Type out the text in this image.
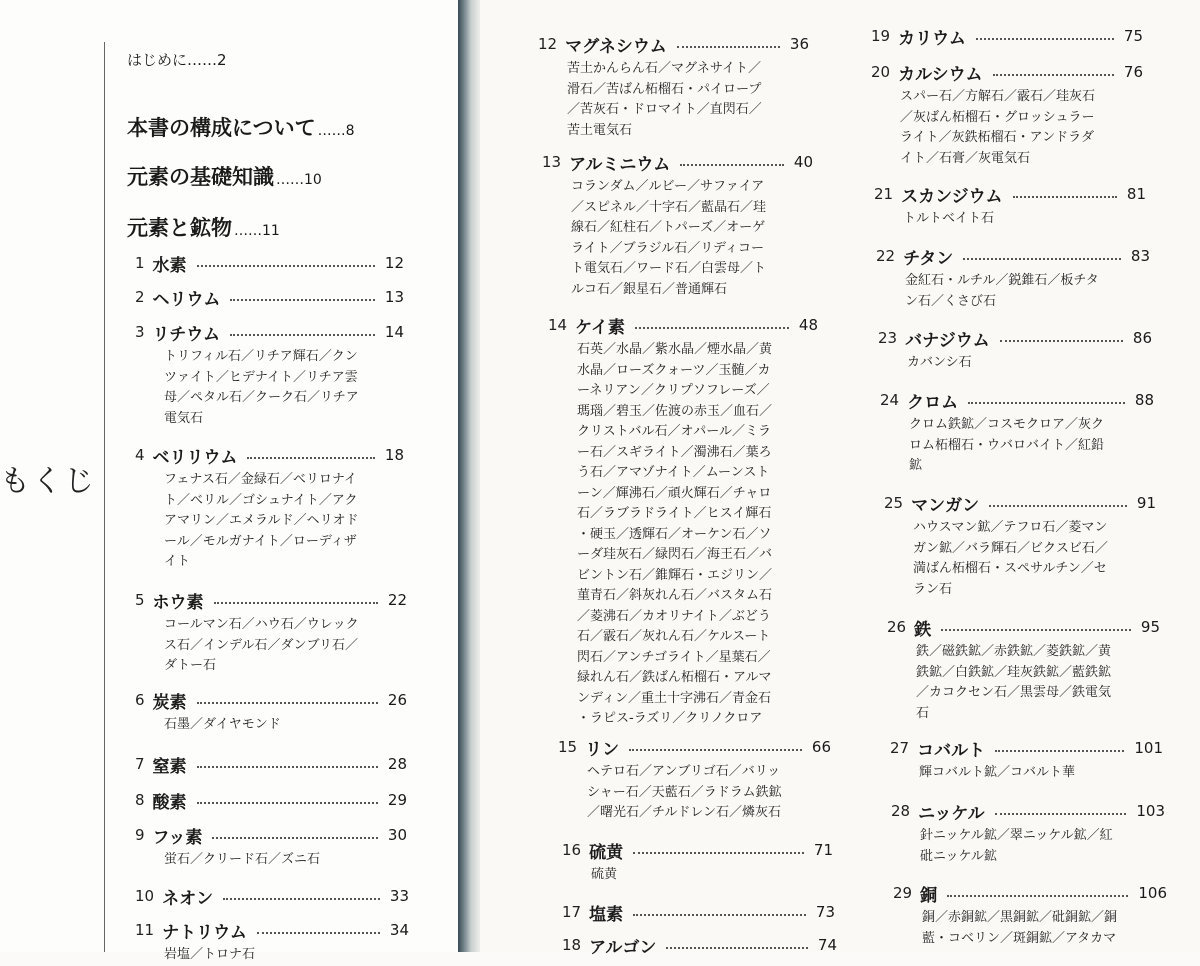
もくじ
はじめに……2
本書の構成について ……8
元素の基礎知識 ……10
元素と鉱物 ……11
1 水素	12
2 ヘリウム	13
3 リチウム	14
トリフィル石／リチア輝石／クン
ツァイト／ヒデナイト／リチア雲
母／ペタル石／クーク石／リチア
電気石
4 ベリリウム	18
フェナス石／金緑石／ベリロナイ
ト／ベリル／ゴシュナイト／アク
アマリン／エメラルド／ヘリオド
ール／モルガナイト／ローディザ
イト
5 ホウ素	22
コールマン石／ハウ石／ウレック
ス石／インデル石／ダンブリ石／
ダトー石
6 炭素	26
石墨／ダイヤモンド
7 窒素	28
8 酸素	29
9 フッ素	30
蛍石／クリード石／ズニ石
10 ネオン	33
11 ナトリウム	34
岩塩／トロナ石
12 マグネシウム	36
苦土かんらん石／マグネサイト／
滑石／苦ばん柘榴石・パイロープ
／苦灰石・ドロマイト／直閃石／
苦土電気石
13 アルミニウム	40
コランダム／ルビー／サファイア
／スピネル／十字石／藍晶石／珪
線石／紅柱石／トパーズ／オーゲ
ライト／ブラジル石／リディコー
ト電気石／ワード石／白雲母／ト
ルコ石／銀星石／普通輝石
14 ケイ素	48
石英／水晶／紫水晶／煙水晶／黄
水晶／ローズクォーツ／玉髄／カ
ーネリアン／クリプソフレーズ／
瑪瑙／碧玉／佐渡の赤玉／血石／
クリストバル石／オパール／ミラ
ー石／スギライト／濁沸石／葉ろ
う石／アマゾナイト／ムーンスト
ーン／輝沸石／頑火輝石／チャロ
石／ラブラドライト／ヒスイ輝石
・硬玉／透輝石／オーケン石／ソ
ーダ珪灰石／緑閃石／海王石／バ
ビントン石／錐輝石・エジリン／
菫青石／斜灰れん石／バスタム石
／菱沸石／カオリナイト／ぶどう
石／霰石／灰れん石／ケルスート
閃石／アンチゴライト／星葉石／
緑れん石／鉄ばん柘榴石・アルマ
ンディン／重土十字沸石／青金石
・ラピス-ラズリ／クリノクロア
15 リン	66
ヘテロ石／アンブリゴ石／バリッ
シャー石／天藍石／ラドラム鉄鉱
／曙光石／チルドレン石／燐灰石
16 硫黄	71
硫黄
17 塩素	73
18 アルゴン	74
19 カリウム	75
20 カルシウム	76
スパー石／方解石／霰石／珪灰石
／灰ばん柘榴石・グロッシュラー
ライト／灰鉄柘榴石・アンドラダ
イト／石膏／灰電気石
21 スカンジウム	81
トルトベイト石
22 チタン	83
金紅石・ルチル／鋭錐石／板チタ
ン石／くさび石
23 バナジウム	86
カバンシ石
24 クロム	88
クロム鉄鉱／コスモクロア／灰ク
ロム柘榴石・ウバロバイト／紅鉛
鉱
25 マンガン	91
ハウスマン鉱／テフロ石／菱マン
ガン鉱／バラ輝石／ビクスビ石／
満ばん柘榴石・スペサルチン／セ
ラン石
26 鉄	95
鉄／磁鉄鉱／赤鉄鉱／菱鉄鉱／黄
鉄鉱／白鉄鉱／珪灰鉄鉱／藍鉄鉱
／カコクセン石／黒雲母／鉄電気
石
27 コバルト	101
輝コバルト鉱／コバルト華
28 ニッケル	103
針ニッケル鉱／翠ニッケル鉱／紅
砒ニッケル鉱
29 銅	106
銅／赤銅鉱／黒銅鉱／砒銅鉱／銅
藍・コベリン／斑銅鉱／アタカマ
